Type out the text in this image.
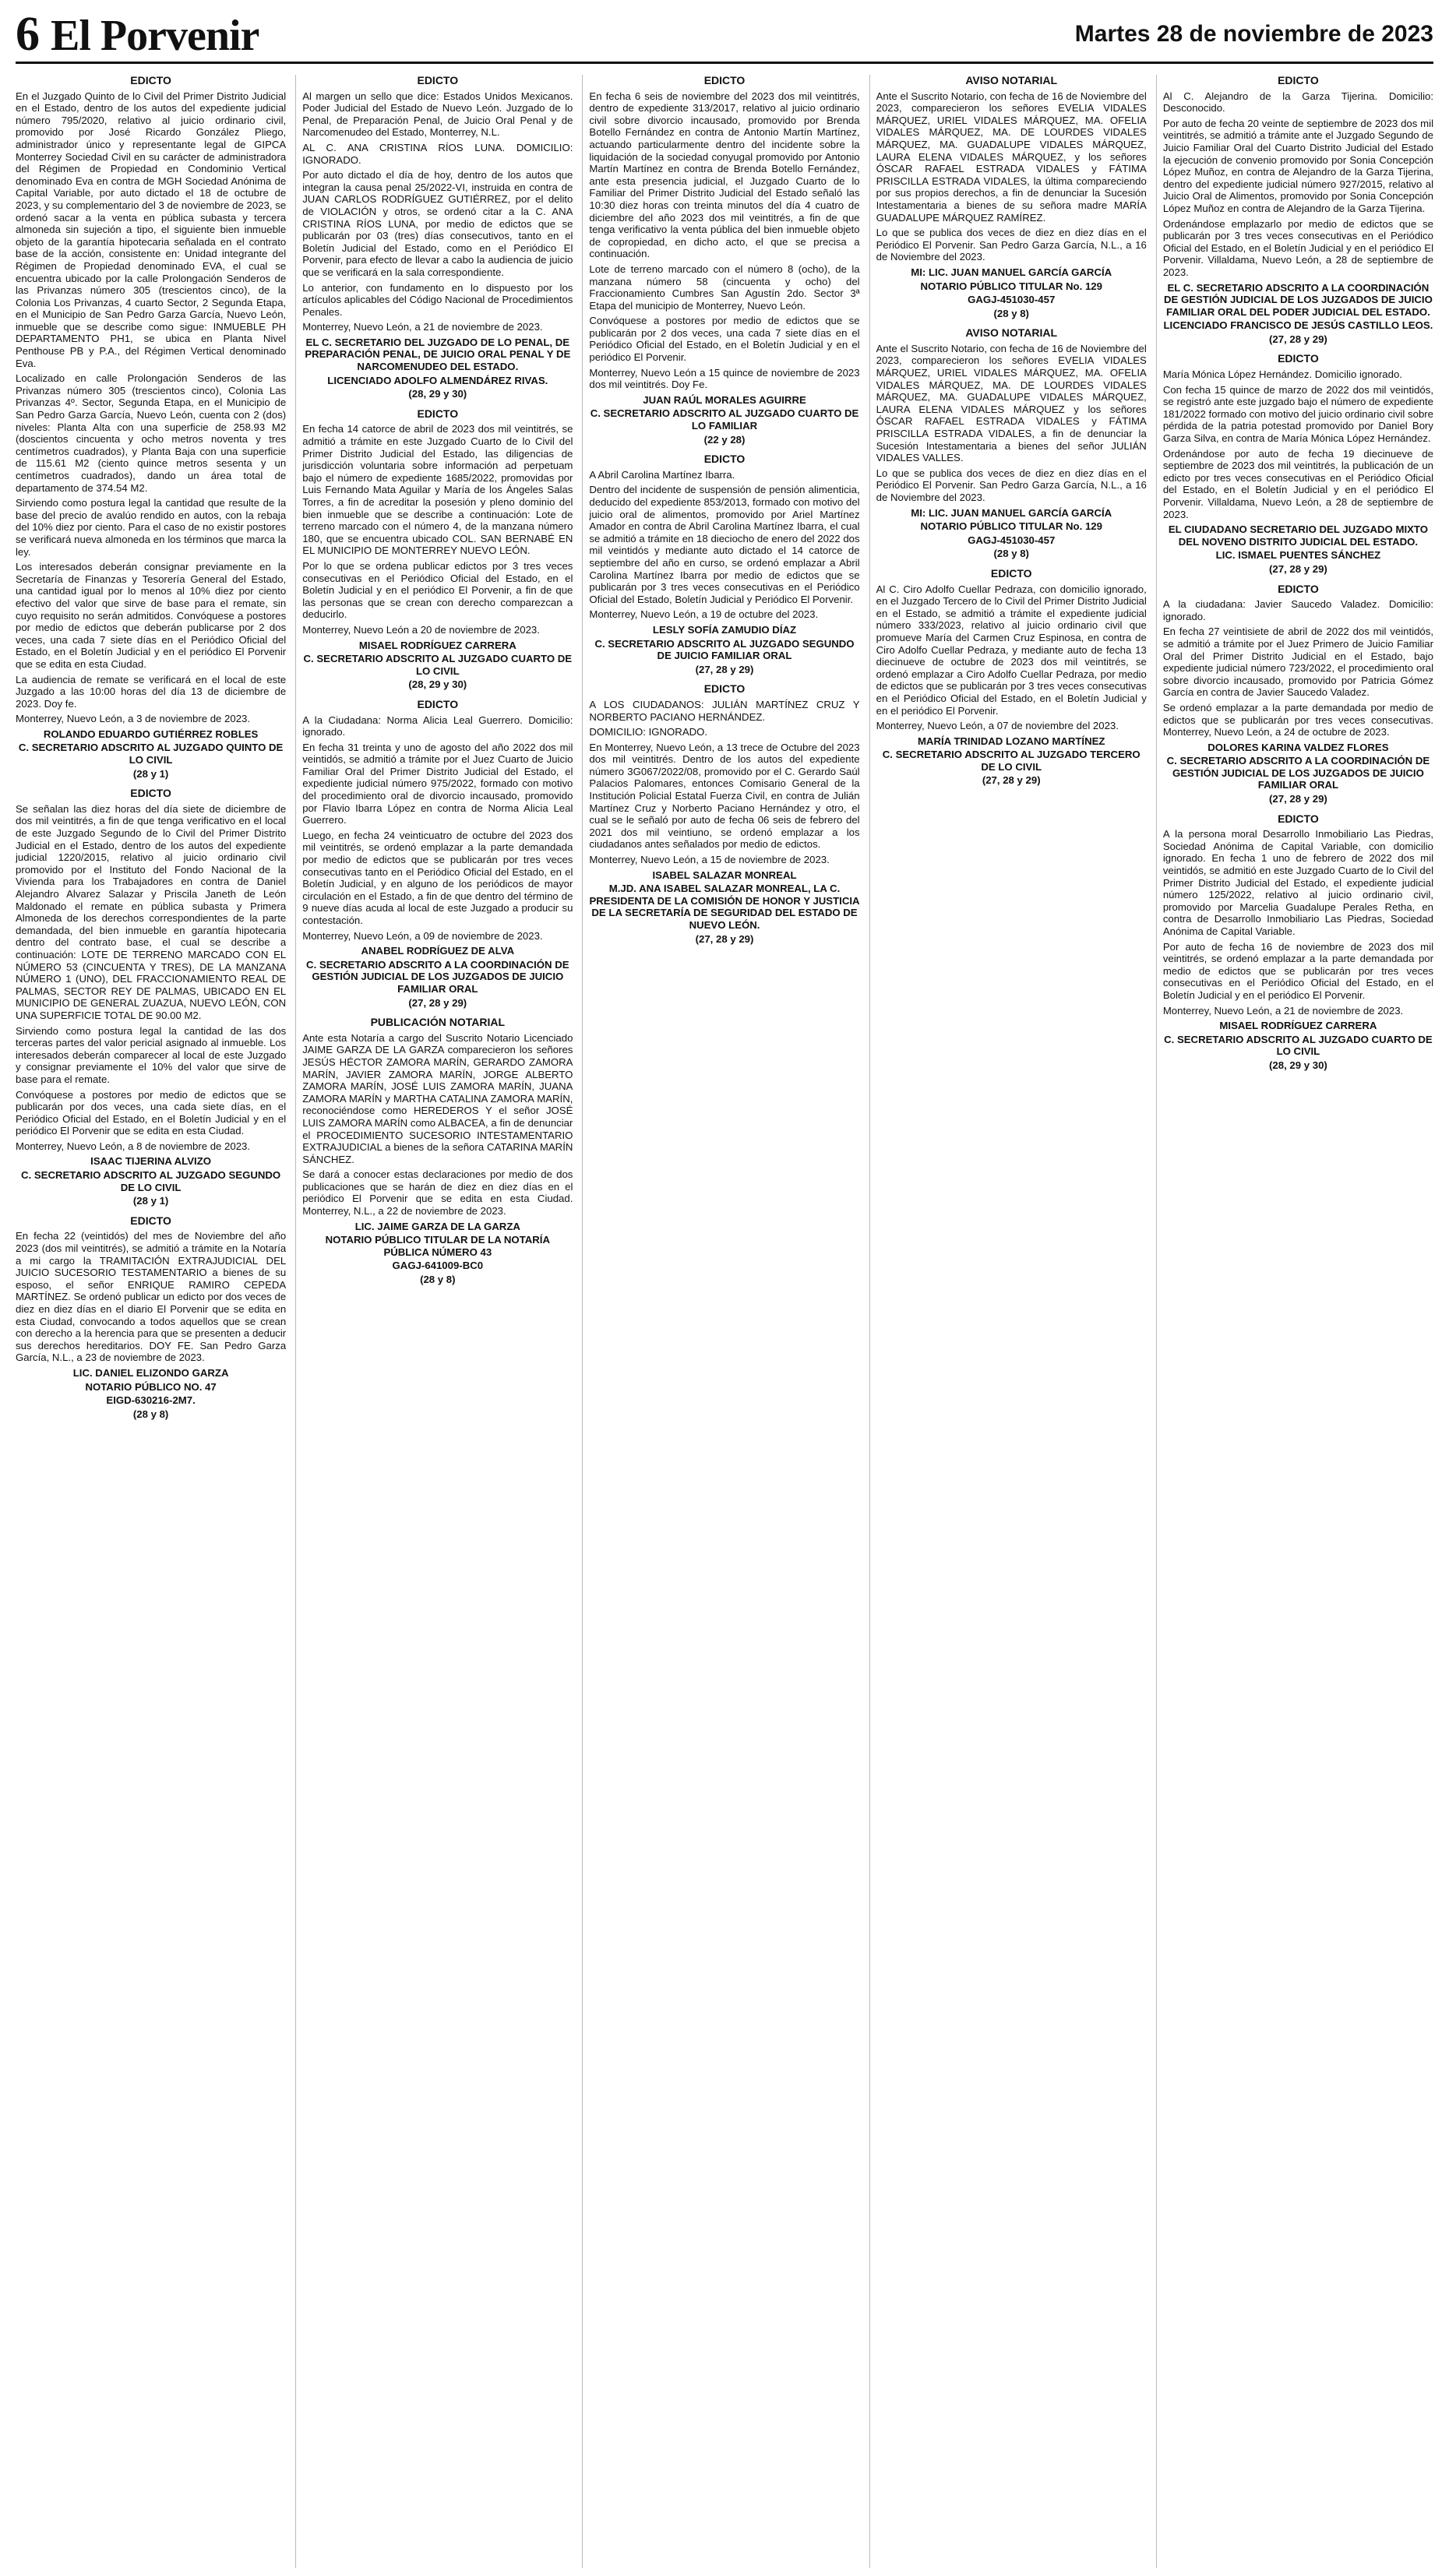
6 El Porvenir	Martes 28 de noviembre de 2023
EDICTO

En el Juzgado Quinto de lo Civil del Primer Distrito Judicial en el Estado, dentro de los autos del expediente judicial número 795/2020, relativo al juicio ordinario civil, promovido por José Ricardo González Pliego, administrador único y representante legal de GIPCA Monterrey Sociedad Civil en su carácter de administradora del Régimen de Propiedad en Condominio Vertical denominado Eva en contra de MGH Sociedad Anónima de Capital Variable, por auto dictado el 18 de octubre de 2023, y su complementario del 3 de noviembre de 2023, se ordenó sacar a la venta en pública subasta y tercera almoneda sin sujeción a tipo, el siguiente bien inmueble objeto de la garantía hipotecaria señalada en el contrato base de la acción, consistente en: Unidad integrante del Régimen de Propiedad denominado EVA, el cual se encuentra ubicado por la calle Prolongación Senderos de las Privanzas número 305 (trescientos cinco), de la Colonia Los Privanzas, 4 cuarto Sector, 2 Segunda Etapa, en el Municipio de San Pedro Garza García, Nuevo León, inmueble que se describe como sigue: INMUEBLE PH DEPARTAMENTO PH1, se ubica en Planta Nivel Penthouse PB y P.A., del Régimen Vertical denominado Eva.

Localizado en calle Prolongación Senderos de las Privanzas número 305 (trescientos cinco), Colonia Las Privanzas 4º. Sector, Segunda Etapa, en el Municipio de San Pedro Garza García, Nuevo León, cuenta con 2 (dos) niveles: Planta Alta con una superficie de 258.93 M2 (doscientos cincuenta y ocho metros noventa y tres centímetros cuadrados), y Planta Baja con una superficie de 115.61 M2 (ciento quince metros sesenta y un centímetros cuadrados), dando un área total de departamento de 374.54 M2.

Sirviendo como postura legal la cantidad que resulte de la base del precio de avalúo rendido en autos, con la rebaja del 10% diez por ciento. Para el caso de no existir postores se verificará nueva almoneda en los términos que marca la ley.

Los interesados deberán consignar previamente en la Secretaría de Finanzas y Tesorería General del Estado, una cantidad igual por lo menos al 10% diez por ciento efectivo del valor que sirve de base para el remate, sin cuyo requisito no serán admitidos. Convóquese a postores por medio de edictos que deberán publicarse por 2 dos veces, una cada 7 siete días en el Periódico Oficial del Estado, en el Boletín Judicial y en el periódico El Porvenir que se edita en esta Ciudad.

La audiencia de remate se verificará en el local de este Juzgado a las 10:00 horas del día 13 de diciembre de 2023. Doy fe.

Monterrey, Nuevo León, a 3 de noviembre de 2023.

ROLANDO EDUARDO GUTIÉRREZ ROBLES
C. SECRETARIO ADSCRITO AL JUZGADO QUINTO DE LO CIVIL
(28 y 1)
EDICTO

Se señalan las diez horas del día siete de diciembre de dos mil veintitrés, a fin de que tenga verificativo en el local de este Juzgado Segundo de lo Civil del Primer Distrito Judicial en el Estado, dentro de los autos del expediente judicial 1220/2015, relativo al juicio ordinario civil promovido por el Instituto del Fondo Nacional de la Vivienda para los Trabajadores en contra de Daniel Alejandro Alvarez Salazar y Priscila Janeth de León Maldonado el remate en pública subasta y Primera Almoneda de los derechos correspondientes de la parte demandada, del bien inmueble en garantía hipotecaria dentro del contrato base, el cual se describe a continuación: LOTE DE TERRENO MARCADO CON EL NÚMERO 53 (CINCUENTA Y TRES), DE LA MANZANA NÚMERO 1 (UNO), DEL FRACCIONAMIENTO REAL DE PALMAS, SECTOR REY DE PALMAS, UBICADO EN EL MUNICIPIO DE GENERAL ZUAZUA, NUEVO LEÓN, CON UNA SUPERFICIE TOTAL DE 90.00 M2.

Sirviendo como postura legal la cantidad de las dos terceras partes del valor pericial asignado al inmueble. Los interesados deberán comparecer al local de este Juzgado y consignar previamente el 10% del valor que sirve de base para el remate.

Convóquese a postores por medio de edictos que se publicarán por dos veces, una cada siete días, en el Periódico Oficial del Estado, en el Boletín Judicial y en el periódico El Porvenir que se edita en esta Ciudad.

Monterrey, Nuevo León, a 8 de noviembre de 2023.

ISAAC TIJERINA ALVIZO
C. SECRETARIO ADSCRITO AL JUZGADO SEGUNDO DE LO CIVIL
(28 y 1)
EDICTO

En fecha 22 (veintidós) del mes de Noviembre del año 2023 (dos mil veintitrés), se admitió a trámite en la Notaría a mi cargo la TRAMITACIÓN EXTRAJUDICIAL DEL JUICIO SUCESORIO TESTAMENTARIO a bienes de su esposo, el señor ENRIQUE RAMIRO CEPEDA MARTÍNEZ. Se ordenó publicar un edicto por dos veces de diez en diez días en el diario El Porvenir que se edita en esta Ciudad, convocando a todos aquellos que se crean con derecho a la herencia para que se presenten a deducir sus derechos hereditarios. DOY FE. San Pedro Garza García, N.L., a 23 de noviembre de 2023.

LIC. DANIEL ELIZONDO GARZA
NOTARIO PÚBLICO NO. 47
EIGD-630216-2M7.
(28 y 8)
EDICTO

Al margen un sello que dice: Estados Unidos Mexicanos. Poder Judicial del Estado de Nuevo León. Juzgado de lo Penal, de Preparación Penal, de Juicio Oral Penal y de Narcomenudeo del Estado, Monterrey, N.L.

AL C. ANA CRISTINA RÍOS LUNA. DOMICILIO: IGNORADO.

Por auto dictado el día de hoy, dentro de los autos que integran la causa penal 25/2022-VI, instruida en contra de JUAN CARLOS RODRÍGUEZ GUTIÉRREZ, por el delito de VIOLACIÓN y otros, se ordenó citar a la C. ANA CRISTINA RÍOS LUNA, por medio de edictos que se publicarán por 03 (tres) días consecutivos, tanto en el Boletín Judicial del Estado, como en el Periódico El Porvenir, para efecto de llevar a cabo la audiencia de juicio que se verificará en la sala correspondiente.

Lo anterior, con fundamento en lo dispuesto por los artículos aplicables del Código Nacional de Procedimientos Penales.

Monterrey, Nuevo León, a 21 de noviembre de 2023.

EL C. SECRETARIO DEL JUZGADO DE LO PENAL, DE PREPARACIÓN PENAL, DE JUICIO ORAL PENAL Y DE NARCOMENUDEO DEL ESTADO.
LICENCIADO ADOLFO ALMENDÁREZ RIVAS.
(28, 29 y 30)
EDICTO

En fecha 14 catorce de abril de 2023 dos mil veintitrés, se admitió a trámite en este Juzgado Cuarto de lo Civil del Primer Distrito Judicial del Estado, las diligencias de jurisdicción voluntaria sobre información ad perpetuam bajo el número de expediente 1685/2022, promovidas por Luis Fernando Mata Aguilar y María de los Ángeles Salas Torres, a fin de acreditar la posesión y pleno dominio del bien inmueble que se describe a continuación: Lote de terreno marcado con el número 4, de la manzana número 180, que se encuentra ubicado COL. SAN BERNABÉ EN EL MUNICIPIO DE MONTERREY NUEVO LEÓN.

Por lo que se ordena publicar edictos por 3 tres veces consecutivas en el Periódico Oficial del Estado, en el Boletín Judicial y en el periódico El Porvenir, a fin de que las personas que se crean con derecho comparezcan a deducirlo.

Monterrey, Nuevo León a 20 de noviembre de 2023.

MISAEL RODRÍGUEZ CARRERA
C. SECRETARIO ADSCRITO AL JUZGADO CUARTO DE LO CIVIL
(28, 29 y 30)
EDICTO

A la Ciudadana: Norma Alicia Leal Guerrero. Domicilio: ignorado.

En fecha 31 treinta y uno de agosto del año 2022 dos mil veintidós, se admitió a trámite por el Juez Cuarto de Juicio Familiar Oral del Primer Distrito Judicial del Estado, el expediente judicial número 975/2022, formado con motivo del procedimiento oral de divorcio incausado, promovido por Flavio Ibarra López en contra de Norma Alicia Leal Guerrero.

Luego, en fecha 24 veinticuatro de octubre del 2023 dos mil veintitrés, se ordenó emplazar a la parte demandada por medio de edictos que se publicarán por tres veces consecutivas tanto en el Periódico Oficial del Estado, en el Boletín Judicial, y en alguno de los periódicos de mayor circulación en el Estado, a fin de que dentro del término de 9 nueve días acuda al local de este Juzgado a producir su contestación.

Monterrey, Nuevo León, a 09 de noviembre de 2023.

ANABEL RODRÍGUEZ DE ALVA
C. SECRETARIO ADSCRITO A LA COORDINACIÓN DE GESTIÓN JUDICIAL DE LOS JUZGADOS DE JUICIO FAMILIAR ORAL
(27, 28 y 29)
PUBLICACIÓN NOTARIAL

Ante esta Notaría a cargo del Suscrito Notario Licenciado JAIME GARZA DE LA GARZA comparecieron los señores JESÚS HÉCTOR ZAMORA MARÍN, GERARDO ZAMORA MARÍN, JAVIER ZAMORA MARÍN, JORGE ALBERTO ZAMORA MARÍN, JOSÉ LUIS ZAMORA MARÍN, JUANA ZAMORA MARÍN y MARTHA CATALINA ZAMORA MARÍN, reconociéndose como HEREDEROS Y el señor JOSÉ LUIS ZAMORA MARÍN como ALBACEA, a fin de denunciar el PROCEDIMIENTO SUCESORIO INTESTAMENTARIO EXTRAJUDICIAL a bienes de la señora CATARINA MARÍN SÁNCHEZ.

Se dará a conocer estas declaraciones por medio de dos publicaciones que se harán de diez en diez días en el periódico El Porvenir que se edita en esta Ciudad. Monterrey, N.L., a 22 de noviembre de 2023.

LIC. JAIME GARZA DE LA GARZA
NOTARIO PÚBLICO TITULAR DE LA NOTARÍA PÚBLICA NÚMERO 43
GAGJ-641009-BC0
(28 y 8)
EDICTO

En fecha 6 seis de noviembre del 2023 dos mil veintitrés, dentro de expediente 313/2017, relativo al juicio ordinario civil sobre divorcio incausado, promovido por Brenda Botello Fernández en contra de Antonio Martín Martínez, actuando particularmente dentro del incidente sobre la liquidación de la sociedad conyugal promovido por Antonio Martín Martínez en contra de Brenda Botello Fernández, ante esta presencia judicial, el Juzgado Cuarto de lo Familiar del Primer Distrito Judicial del Estado señaló las 10:30 diez horas con treinta minutos del día 4 cuatro de diciembre del año 2023 dos mil veintitrés, a fin de que tenga verificativo la venta pública del bien inmueble objeto de copropiedad, en dicho acto, el que se precisa a continuación.

Lote de terreno marcado con el número 8 (ocho), de la manzana número 58 (cincuenta y ocho) del Fraccionamiento Cumbres San Agustín 2do. Sector 3ª Etapa del municipio de Monterrey, Nuevo León.

Convóquese a postores por medio de edictos que se publicarán por 2 dos veces, una cada 7 siete días en el Periódico Oficial del Estado, en el Boletín Judicial y en el periódico El Porvenir.

Monterrey, Nuevo León a 15 quince de noviembre de 2023 dos mil veintitrés. Doy Fe.

JUAN RAÚL MORALES AGUIRRE
C. SECRETARIO ADSCRITO AL JUZGADO CUARTO DE LO FAMILIAR
(22 y 28)
EDICTO

A Abril Carolina Martínez Ibarra.

Dentro del incidente de suspensión de pensión alimenticia, deducido del expediente 853/2013, formado con motivo del juicio oral de alimentos, promovido por Ariel Martínez Amador en contra de Abril Carolina Martínez Ibarra, el cual se admitió a trámite en 18 dieciocho de enero del 2022 dos mil veintidós y mediante auto dictado el 14 catorce de septiembre del año en curso, se ordenó emplazar a Abril Carolina Martínez Ibarra por medio de edictos que se publicarán por 3 tres veces consecutivas en el Periódico Oficial del Estado, Boletín Judicial y Periódico El Porvenir.

Monterrey, Nuevo León, a 19 de octubre del 2023.

LESLY SOFÍA ZAMUDIO DÍAZ
C. SECRETARIO ADSCRITO AL JUZGADO SEGUNDO DE JUICIO FAMILIAR ORAL
(27, 28 y 29)
EDICTO

A LOS CIUDADANOS: JULIÁN MARTÍNEZ CRUZ Y NORBERTO PACIANO HERNÁNDEZ.

DOMICILIO: IGNORADO.

En Monterrey, Nuevo León, a 13 trece de Octubre del 2023 dos mil veintitrés. Dentro de los autos del expediente número 3G067/2022/08, promovido por el C. Gerardo Saúl Palacios Palomares, entonces Comisario General de la Institución Policial Estatal Fuerza Civil, en contra de Julián Martínez Cruz y Norberto Paciano Hernández y otro, el cual se le señaló por auto de fecha 06 seis de febrero del 2021 dos mil veintiuno, se ordenó emplazar a los ciudadanos antes señalados por medio de edictos.

Monterrey, Nuevo León, a 15 de noviembre de 2023.

ISABEL SALAZAR MONREAL
M.JD. ANA ISABEL SALAZAR MONREAL, LA C. PRESIDENTA DE LA COMISIÓN DE HONOR Y JUSTICIA DE LA SECRETARÍA DE SEGURIDAD DEL ESTADO DE NUEVO LEÓN.
(27, 28 y 29)
AVISO NOTARIAL

Ante el Suscrito Notario, con fecha de 16 de Noviembre del 2023, comparecieron los señores EVELIA VIDALES MÁRQUEZ, URIEL VIDALES MÁRQUEZ, MA. OFELIA VIDALES MÁRQUEZ, MA. DE LOURDES VIDALES MÁRQUEZ, MA. GUADALUPE VIDALES MÁRQUEZ, LAURA ELENA VIDALES MÁRQUEZ, y los señores ÓSCAR RAFAEL ESTRADA VIDALES y FÁTIMA PRISCILLA ESTRADA VIDALES, la última compareciendo por sus propios derechos, a fin de denunciar la Sucesión Intestamentaria a bienes de su señora madre MARÍA GUADALUPE MÁRQUEZ RAMÍREZ.

Lo que se publica dos veces de diez en diez días en el Periódico El Porvenir. San Pedro Garza García, N.L., a 16 de Noviembre del 2023.

MI: LIC. JUAN MANUEL GARCÍA GARCÍA
NOTARIO PÚBLICO TITULAR No. 129
GAGJ-451030-457
(28 y 8)
AVISO NOTARIAL

Ante el Suscrito Notario, con fecha de 16 de Noviembre del 2023, comparecieron los señores EVELIA VIDALES MÁRQUEZ, URIEL VIDALES MÁRQUEZ, MA. OFELIA VIDALES MÁRQUEZ, MA. DE LOURDES VIDALES MÁRQUEZ, MA. GUADALUPE VIDALES MÁRQUEZ, LAURA ELENA VIDALES MÁRQUEZ y los señores ÓSCAR RAFAEL ESTRADA VIDALES y FÁTIMA PRISCILLA ESTRADA VIDALES, a fin de denunciar la Sucesión Intestamentaria a bienes del señor JULIÁN VIDALES VALLES.

Lo que se publica dos veces de diez en diez días en el Periódico El Porvenir. San Pedro Garza García, N.L., a 16 de Noviembre del 2023.

MI: LIC. JUAN MANUEL GARCÍA GARCÍA
NOTARIO PÚBLICO TITULAR No. 129
GAGJ-451030-457
(28 y 8)
EDICTO

Al C. Ciro Adolfo Cuellar Pedraza, con domicilio ignorado, en el Juzgado Tercero de lo Civil del Primer Distrito Judicial en el Estado, se admitió a trámite el expediente judicial número 333/2023, relativo al juicio ordinario civil que promueve María del Carmen Cruz Espinosa, en contra de Ciro Adolfo Cuellar Pedraza, y mediante auto de fecha 13 diecinueve de octubre de 2023 dos mil veintitrés, se ordenó emplazar a Ciro Adolfo Cuellar Pedraza, por medio de edictos que se publicarán por 3 tres veces consecutivas en el Periódico Oficial del Estado, en el Boletín Judicial y en el periódico El Porvenir.

Monterrey, Nuevo León, a 07 de noviembre del 2023.

MARÍA TRINIDAD LOZANO MARTÍNEZ
C. SECRETARIO ADSCRITO AL JUZGADO TERCERO DE LO CIVIL
(27, 28 y 29)
EDICTO

Al C. Alejandro de la Garza Tijerina. Domicilio: Desconocido.

Por auto de fecha 20 veinte de septiembre de 2023 dos mil veintitrés, se admitió a trámite ante el Juzgado Segundo de Juicio Familiar Oral del Cuarto Distrito Judicial del Estado la ejecución de convenio promovido por Sonia Concepción López Muñoz, en contra de Alejandro de la Garza Tijerina, dentro del expediente judicial número 927/2015, relativo al Juicio Oral de Alimentos, promovido por Sonia Concepción López Muñoz en contra de Alejandro de la Garza Tijerina.

Ordenándose emplazarlo por medio de edictos que se publicarán por 3 tres veces consecutivas en el Periódico Oficial del Estado, en el Boletín Judicial y en el periódico El Porvenir. Villaldama, Nuevo León, a 28 de septiembre de 2023.

EL C. SECRETARIO ADSCRITO A LA COORDINACIÓN DE GESTIÓN JUDICIAL DE LOS JUZGADOS DE JUICIO FAMILIAR ORAL DEL PODER JUDICIAL DEL ESTADO.
LICENCIADO FRANCISCO DE JESÚS CASTILLO LEOS.
(27, 28 y 29)
EDICTO

María Mónica López Hernández. Domicilio ignorado.

Con fecha 15 quince de marzo de 2022 dos mil veintidós, se registró ante este juzgado bajo el número de expediente 181/2022 formado con motivo del juicio ordinario civil sobre pérdida de la patria potestad promovido por Daniel Bory Garza Silva, en contra de María Mónica López Hernández.

Ordenándose por auto de fecha 19 diecinueve de septiembre de 2023 dos mil veintitrés, la publicación de un edicto por tres veces consecutivas en el Periódico Oficial del Estado, en el Boletín Judicial y en el periódico El Porvenir. Villaldama, Nuevo León, a 28 de septiembre de 2023.

EL CIUDADANO SECRETARIO DEL JUZGADO MIXTO DEL NOVENO DISTRITO JUDICIAL DEL ESTADO.
LIC. ISMAEL PUENTES SÁNCHEZ
(27, 28 y 29)
EDICTO

A la ciudadana: Javier Saucedo Valadez. Domicilio: ignorado.

En fecha 27 veintisiete de abril de 2022 dos mil veintidós, se admitió a trámite por el Juez Primero de Juicio Familiar Oral del Primer Distrito Judicial en el Estado, bajo expediente judicial número 723/2022, el procedimiento oral sobre divorcio incausado, promovido por Patricia Gómez García en contra de Javier Saucedo Valadez.

Se ordenó emplazar a la parte demandada por medio de edictos que se publicarán por tres veces consecutivas. Monterrey, Nuevo León, a 24 de octubre de 2023.

DOLORES KARINA VALDEZ FLORES
C. SECRETARIO ADSCRITO A LA COORDINACIÓN DE GESTIÓN JUDICIAL DE LOS JUZGADOS DE JUICIO FAMILIAR ORAL
(27, 28 y 29)
EDICTO

A la persona moral Desarrollo Inmobiliario Las Piedras, Sociedad Anónima de Capital Variable, con domicilio ignorado. En fecha 1 uno de febrero de 2022 dos mil veintidós, se admitió en este Juzgado Cuarto de lo Civil del Primer Distrito Judicial del Estado, el expediente judicial número 125/2022, relativo al juicio ordinario civil, promovido por Marcelia Guadalupe Perales Retha, en contra de Desarrollo Inmobiliario Las Piedras, Sociedad Anónima de Capital Variable.

Por auto de fecha 16 de noviembre de 2023 dos mil veintitrés, se ordenó emplazar a la parte demandada por medio de edictos que se publicarán por tres veces consecutivas en el Periódico Oficial del Estado, en el Boletín Judicial y en el periódico El Porvenir.

Monterrey, Nuevo León, a 21 de noviembre de 2023.

MISAEL RODRÍGUEZ CARRERA
C. SECRETARIO ADSCRITO AL JUZGADO CUARTO DE LO CIVIL
(28, 29 y 30)
